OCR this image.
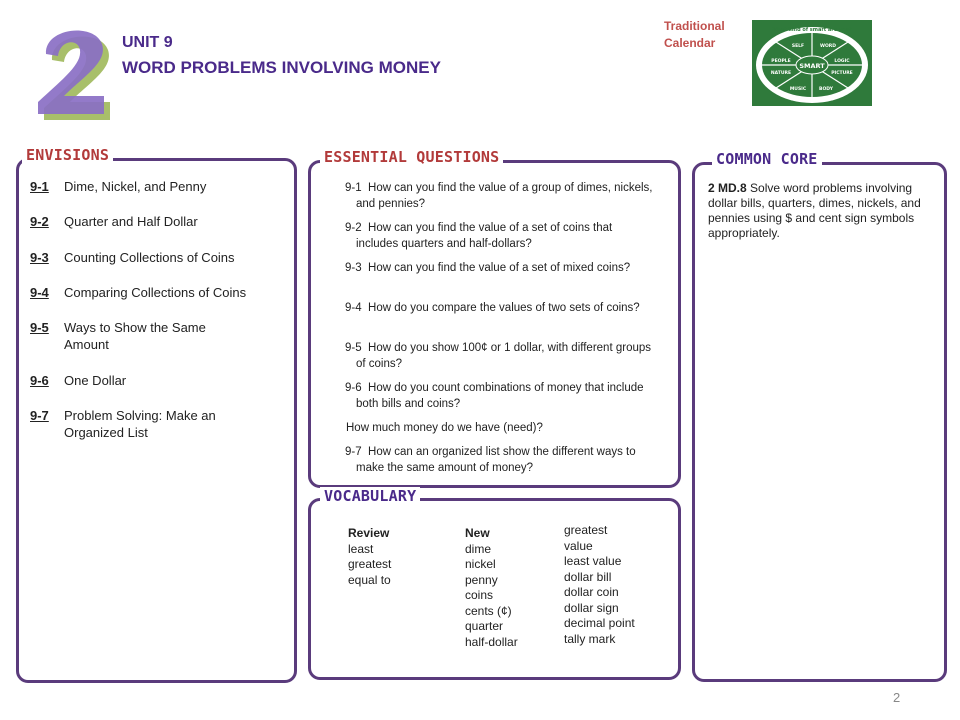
UNIT 9
WORD PROBLEMS INVOLVING MONEY
Traditional
Calendar
SMART
What kind of smart are you?
SELF	WORD
LOGIC
PICTURE
BODY
MUSIC
NATURE
PEOPLE
ENVISIONS
9-1 Dime, Nickel, and Penny
9-2 Quarter and Half Dollar
9-3 Counting Collections of Coins
9-4 Comparing Collections of Coins
9-5 Ways to Show the Same Amount
9-6 One Dollar
9-7 Problem Solving: Make an Organized List
ESSENTIAL QUESTIONS
9-1 How can you find the value of a group of dimes, nickels, and pennies?
9-2 How can you find the value of a set of coins that includes quarters and half-dollars?
9-3 How can you find the value of a set of mixed coins?
9-4 How do you compare the values of two sets of coins?
9-5 How do you show 100¢ or 1 dollar, with different groups of coins?
9-6 How do you count combinations of money that include both bills and coins?
How much money do we have (need)?
9-7 How can an organized list show the different ways to make the same amount of money?
VOCABULARY
Review
least
greatest
equal to
New
dime
nickel
penny
coins
cents (¢)
quarter
half-dollar
greatest
value
least value
dollar bill
dollar coin
dollar sign
decimal point
tally mark
COMMON CORE
2 MD.8 Solve word problems involving dollar bills, quarters, dimes, nickels, and pennies using $ and cent sign symbols appropriately.
2
